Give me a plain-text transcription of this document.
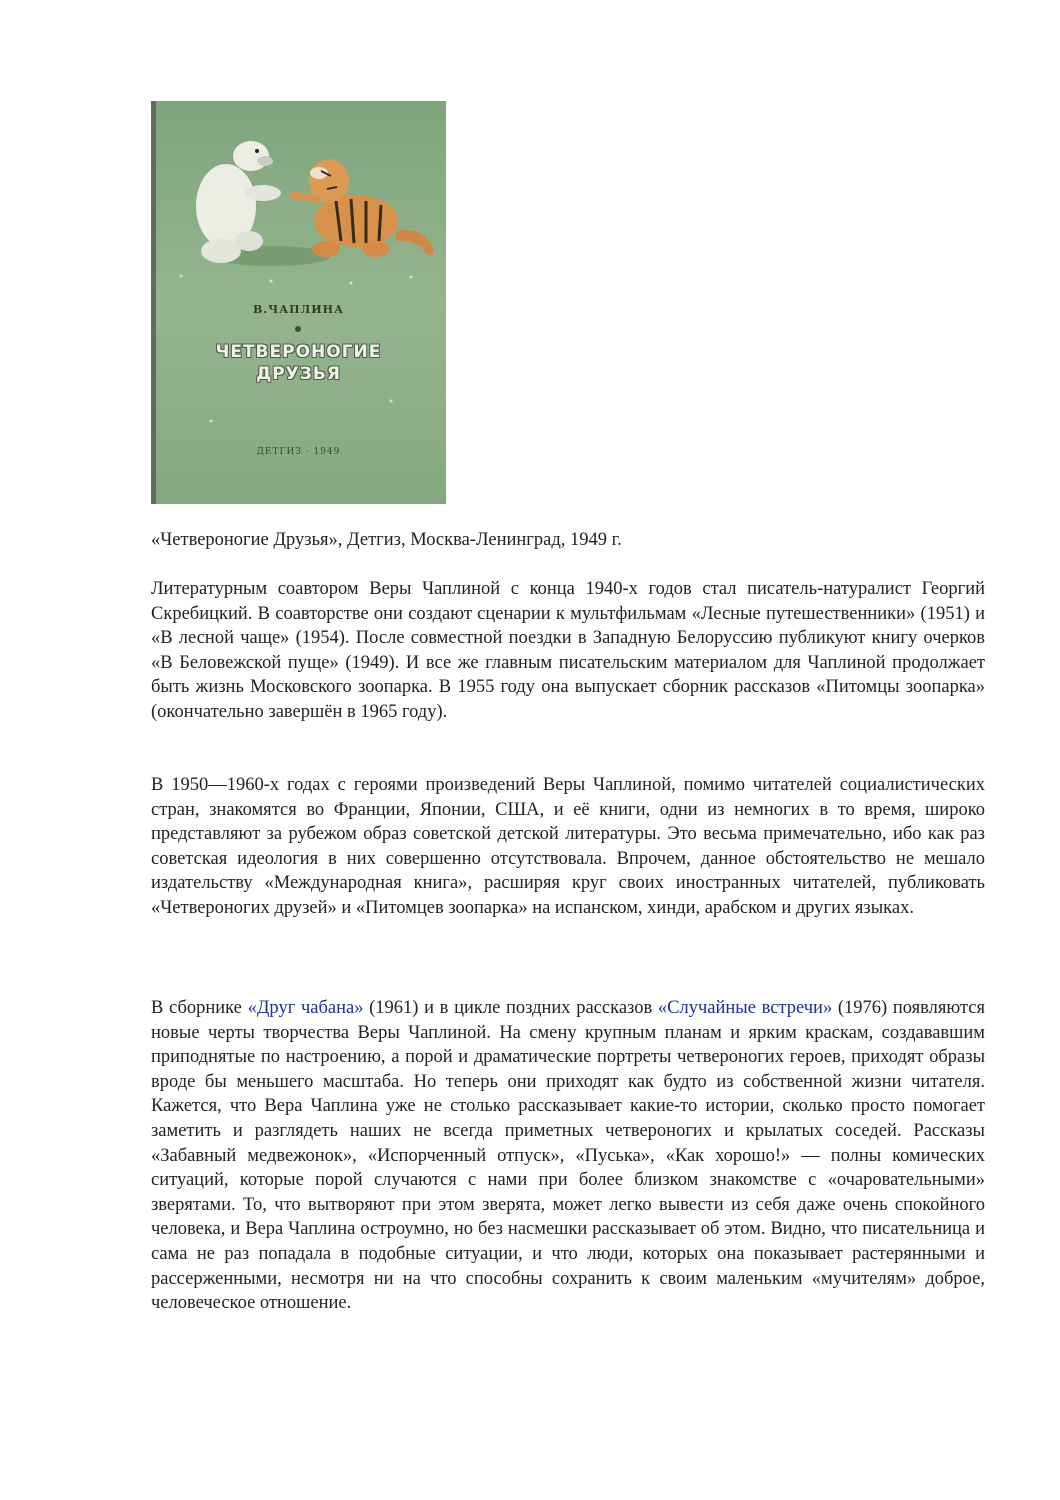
В.ЧАПЛИНА
ЧЕТВЕРОНОГИЕ
ДРУЗЬЯ
ДЕТГИЗ · 1949
«Четвероногие Друзья», Детгиз, Москва-Ленинград, 1949 г.

Литературным соавтором Веры Чаплиной с конца 1940-х годов стал писатель-натуралист Георгий Скребицкий. В соавторстве они создают сценарии к мультфильмам «Лесные путешественники» (1951) и «В лесной чаще» (1954). После совместной поездки в Западную Белоруссию публикуют книгу очерков «В Беловежской пуще» (1949). И все же главным писательским материалом для Чаплиной продолжает быть жизнь Московского зоопарка. В 1955 году она выпускает сборник рассказов «Питомцы зоопарка» (окончательно завершён в 1965 году).

В 1950—1960-х годах с героями произведений Веры Чаплиной, помимо читателей социалистических стран, знакомятся во Франции, Японии, США, и её книги, одни из немногих в то время, широко представляют за рубежом образ советской детской литературы. Это весьма примечательно, ибо как раз советская идеология в них совершенно отсутствовала. Впрочем, данное обстоятельство не мешало издательству «Международная книга», расширяя круг своих иностранных читателей, публиковать «Четвероногих друзей» и «Питомцев зоопарка» на испанском, хинди, арабском и других языках.

В сборнике «Друг чабана» (1961) и в цикле поздних рассказов «Случайные встречи» (1976) появляются новые черты творчества Веры Чаплиной. На смену крупным планам и ярким краскам, создававшим приподнятые по настроению, а порой и драматические портреты четвероногих героев, приходят образы вроде бы меньшего масштаба. Но теперь они приходят как будто из собственной жизни читателя. Кажется, что Вера Чаплина уже не столько рассказывает какие-то истории, сколько просто помогает заметить и разглядеть наших не всегда приметных четвероногих и крылатых соседей. Рассказы «Забавный медвежонок», «Испорченный отпуск», «Пуська», «Как хорошо!» — полны комических ситуаций, которые порой случаются с нами при более близком знакомстве с «очаровательными» зверятами. То, что вытворяют при этом зверята, может легко вывести из себя даже очень спокойного человека, и Вера Чаплина остроумно, но без насмешки рассказывает об этом. Видно, что писательница и сама не раз попадала в подобные ситуации, и что люди, которых она показывает растерянными и рассерженными, несмотря ни на что способны сохранить к своим маленьким «мучителям» доброе, человеческое отношение.
